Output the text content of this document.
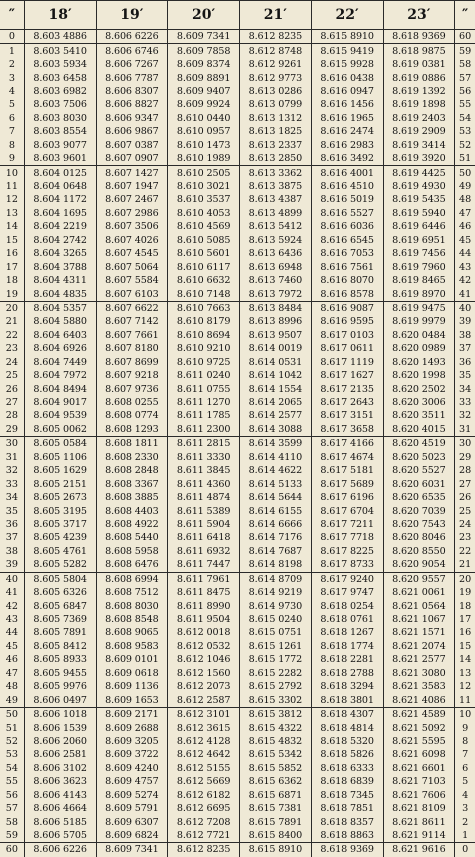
″	18′	19′	20′	21′	22′	23′	″
0	8.603 4886	8.606 6226	8.609 7341	8.612 8235	8.615 8910	8.618 9369	60
1	8.603 5410	8.606 6746	8.609 7858	8.612 8748	8.615 9419	8.618 9875	59
2	8.603 5934	8.606 7267	8.609 8374	8.612 9261	8.615 9928	8.619 0381	58
3	8.603 6458	8.606 7787	8.609 8891	8.612 9773	8.616 0438	8.619 0886	57
4	8.603 6982	8.606 8307	8.609 9407	8.613 0286	8.616 0947	8.619 1392	56
5	8.603 7506	8.606 8827	8.609 9924	8.613 0799	8.616 1456	8.619 1898	55
6	8.603 8030	8.606 9347	8.610 0440	8.613 1312	8.616 1965	8.619 2403	54
7	8.603 8554	8.606 9867	8.610 0957	8.613 1825	8.616 2474	8.619 2909	53
8	8.603 9077	8.607 0387	8.610 1473	8.613 2337	8.616 2983	8.619 3414	52
9	8.603 9601	8.607 0907	8.610 1989	8.613 2850	8.616 3492	8.619 3920	51
10	8.604 0125	8.607 1427	8.610 2505	8.613 3362	8.616 4001	8.619 4425	50
11	8.604 0648	8.607 1947	8.610 3021	8.613 3875	8.616 4510	8.619 4930	49
12	8.604 1172	8.607 2467	8.610 3537	8.613 4387	8.616 5019	8.619 5435	48
13	8.604 1695	8.607 2986	8.610 4053	8.613 4899	8.616 5527	8.619 5940	47
14	8.604 2219	8.607 3506	8.610 4569	8.613 5412	8.616 6036	8.619 6446	46
15	8.604 2742	8.607 4026	8.610 5085	8.613 5924	8.616 6545	8.619 6951	45
16	8.604 3265	8.607 4545	8.610 5601	8.613 6436	8.616 7053	8.619 7456	44
17	8.604 3788	8.607 5064	8.610 6117	8.613 6948	8.616 7561	8.619 7960	43
18	8.604 4311	8.607 5584	8.610 6632	8.613 7460	8.616 8070	8.619 8465	42
19	8.604 4835	8.607 6103	8.610 7148	8.613 7972	8.616 8578	8.619 8970	41
20	8.604 5357	8.607 6622	8.610 7663	8.613 8484	8.616 9087	8.619 9475	40
21	8.604 5880	8.607 7142	8.610 8179	8.613 8996	8.616 9595	8.619 9979	39
22	8.604 6403	8.607 7661	8.610 8694	8.613 9507	8.617 0103	8.620 0484	38
23	8.604 6926	8.607 8180	8.610 9210	8.614 0019	8.617 0611	8.620 0989	37
24	8.604 7449	8.607 8699	8.610 9725	8.614 0531	8.617 1119	8.620 1493	36
25	8.604 7972	8.607 9218	8.611 0240	8.614 1042	8.617 1627	8.620 1998	35
26	8.604 8494	8.607 9736	8.611 0755	8.614 1554	8.617 2135	8.620 2502	34
27	8.604 9017	8.608 0255	8.611 1270	8.614 2065	8.617 2643	8.620 3006	33
28	8.604 9539	8.608 0774	8.611 1785	8.614 2577	8.617 3151	8.620 3511	32
29	8.605 0062	8.608 1293	8.611 2300	8.614 3088	8.617 3658	8.620 4015	31
30	8.605 0584	8.608 1811	8.611 2815	8.614 3599	8.617 4166	8.620 4519	30
31	8.605 1106	8.608 2330	8.611 3330	8.614 4110	8.617 4674	8.620 5023	29
32	8.605 1629	8.608 2848	8.611 3845	8.614 4622	8.617 5181	8.620 5527	28
33	8.605 2151	8.608 3367	8.611 4360	8.614 5133	8.617 5689	8.620 6031	27
34	8.605 2673	8.608 3885	8.611 4874	8.614 5644	8.617 6196	8.620 6535	26
35	8.605 3195	8.608 4403	8.611 5389	8.614 6155	8.617 6704	8.620 7039	25
36	8.605 3717	8.608 4922	8.611 5904	8.614 6666	8.617 7211	8.620 7543	24
37	8.605 4239	8.608 5440	8.611 6418	8.614 7176	8.617 7718	8.620 8046	23
38	8.605 4761	8.608 5958	8.611 6932	8.614 7687	8.617 8225	8.620 8550	22
39	8.605 5282	8.608 6476	8.611 7447	8.614 8198	8.617 8733	8.620 9054	21
40	8.605 5804	8.608 6994	8.611 7961	8.614 8709	8.617 9240	8.620 9557	20
41	8.605 6326	8.608 7512	8.611 8475	8.614 9219	8.617 9747	8.621 0061	19
42	8.605 6847	8.608 8030	8.611 8990	8.614 9730	8.618 0254	8.621 0564	18
43	8.605 7369	8.608 8548	8.611 9504	8.615 0240	8.618 0761	8.621 1067	17
44	8.605 7891	8.608 9065	8.612 0018	8.615 0751	8.618 1267	8.621 1571	16
45	8.605 8412	8.608 9583	8.612 0532	8.615 1261	8.618 1774	8.621 2074	15
46	8.605 8933	8.609 0101	8.612 1046	8.615 1772	8.618 2281	8.621 2577	14
47	8.605 9455	8.609 0618	8.612 1560	8.615 2282	8.618 2788	8.621 3080	13
48	8.605 9976	8.609 1136	8.612 2073	8.615 2792	8.618 3294	8.621 3583	12
49	8.606 0497	8.609 1653	8.612 2587	8.615 3302	8.618 3801	8.621 4086	11
50	8.606 1018	8.609 2171	8.612 3101	8.615 3812	8.618 4307	8.621 4589	10
51	8.606 1539	8.609 2688	8.612 3615	8.615 4322	8.618 4814	8.621 5092	9
52	8.606 2060	8.609 3205	8.612 4128	8.615 4832	8.618 5320	8.621 5595	8
53	8.606 2581	8.609 3722	8.612 4642	8.615 5342	8.618 5826	8.621 6098	7
54	8.606 3102	8.609 4240	8.612 5155	8.615 5852	8.618 6333	8.621 6601	6
55	8.606 3623	8.609 4757	8.612 5669	8.615 6362	8.618 6839	8.621 7103	5
56	8.606 4143	8.609 5274	8.612 6182	8.615 6871	8.618 7345	8.621 7606	4
57	8.606 4664	8.609 5791	8.612 6695	8.615 7381	8.618 7851	8.621 8109	3
58	8.606 5185	8.609 6307	8.612 7208	8.615 7891	8.618 8357	8.621 8611	2
59	8.606 5705	8.609 6824	8.612 7721	8.615 8400	8.618 8863	8.621 9114	1
60	8.606 6226	8.609 7341	8.612 8235	8.615 8910	8.618 9369	8.621 9616	0
